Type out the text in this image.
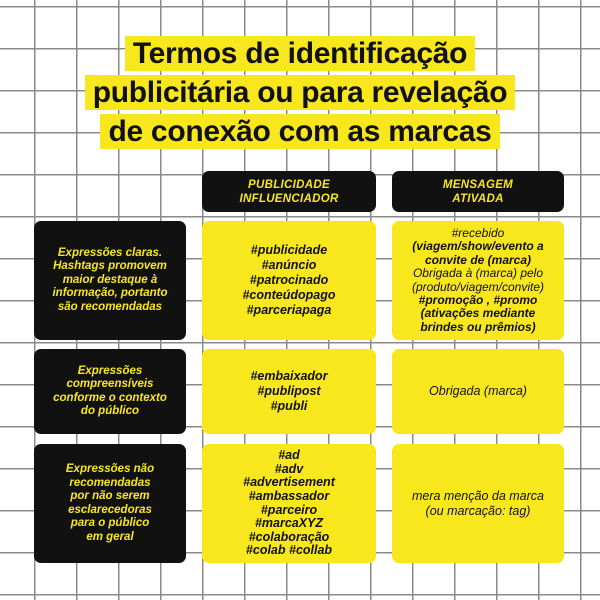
Termos de identificação
publicitária ou para revelação
de conexão com as marcas
PUBLICIDADE
INFLUENCIADOR
MENSAGEM
ATIVADA
Expressões claras.
Hashtags promovem
maior destaque à
informação, portanto
são recomendadas
#publicidade
#anúncio
#patrocinado
#conteúdopago
#parceriapaga
#recebido
(viagem/show/evento a
convite de (marca)
Obrigada à (marca) pelo
(produto/viagem/convite)
#promoção , #promo
(ativações mediante
brindes ou prêmios)
Expressões
compreensíveis
conforme o contexto
do público
#embaixador
#publipost
#publi
Obrigada (marca)
Expressões não
recomendadas
por não serem
esclarecedoras
para o público
em geral
#ad
#adv
#advertisement
#ambassador
#parceiro
#marcaXYZ
#colaboração
#colab #collab
mera menção da marca
(ou marcação: tag)
